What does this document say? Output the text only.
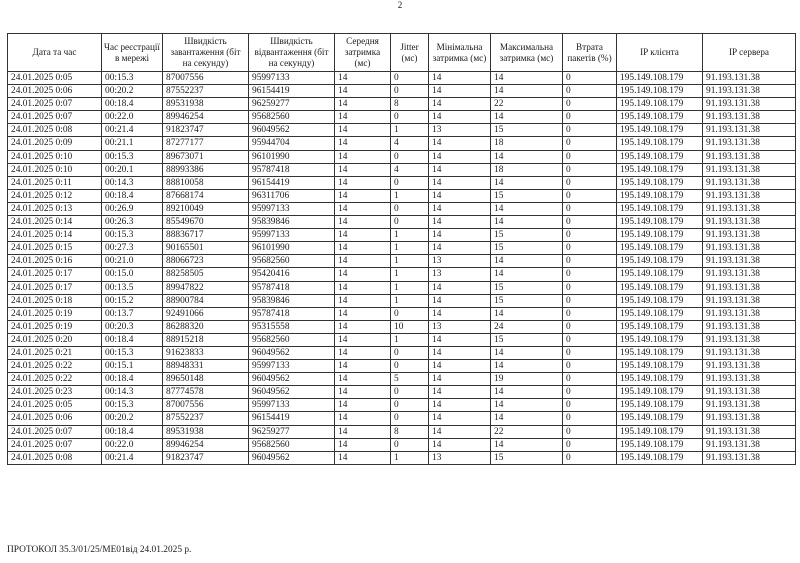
2
Дата та час	Час реєстрації в мережі	Швидкість завантаження (біт на секунду)	Швидкість відвантаження (біт на секунду)	Середня затримка (мс)	Jitter (мс)	Мінімальна затримка (мс)	Максимальна затримка (мс)	Втрата пакетів (%)	IP клієнта	IP сервера
24.01.2025 0:05	00:15.3	87007556	95997133	14	0	14	14	0	195.149.108.179	91.193.131.38
24.01.2025 0:06	00:20.2	87552237	96154419	14	0	14	14	0	195.149.108.179	91.193.131.38
24.01.2025 0:07	00:18.4	89531938	96259277	14	8	14	22	0	195.149.108.179	91.193.131.38
24.01.2025 0:07	00:22.0	89946254	95682560	14	0	14	14	0	195.149.108.179	91.193.131.38
24.01.2025 0:08	00:21.4	91823747	96049562	14	1	13	15	0	195.149.108.179	91.193.131.38
24.01.2025 0:09	00:21.1	87277177	95944704	14	4	14	18	0	195.149.108.179	91.193.131.38
24.01.2025 0:10	00:15.3	89673071	96101990	14	0	14	14	0	195.149.108.179	91.193.131.38
24.01.2025 0:10	00:20.1	88993386	95787418	14	4	14	18	0	195.149.108.179	91.193.131.38
24.01.2025 0:11	00:14.3	88810058	96154419	14	0	14	14	0	195.149.108.179	91.193.131.38
24.01.2025 0:12	00:18.4	87668174	96311706	14	1	14	15	0	195.149.108.179	91.193.131.38
24.01.2025 0:13	00:26.9	89210049	95997133	14	0	14	14	0	195.149.108.179	91.193.131.38
24.01.2025 0:14	00:26.3	85549670	95839846	14	0	14	14	0	195.149.108.179	91.193.131.38
24.01.2025 0:14	00:15.3	88836717	95997133	14	1	14	15	0	195.149.108.179	91.193.131.38
24.01.2025 0:15	00:27.3	90165501	96101990	14	1	14	15	0	195.149.108.179	91.193.131.38
24.01.2025 0:16	00:21.0	88066723	95682560	14	1	13	14	0	195.149.108.179	91.193.131.38
24.01.2025 0:17	00:15.0	88258505	95420416	14	1	13	14	0	195.149.108.179	91.193.131.38
24.01.2025 0:17	00:13.5	89947822	95787418	14	1	14	15	0	195.149.108.179	91.193.131.38
24.01.2025 0:18	00:15.2	88900784	95839846	14	1	14	15	0	195.149.108.179	91.193.131.38
24.01.2025 0:19	00:13.7	92491066	95787418	14	0	14	14	0	195.149.108.179	91.193.131.38
24.01.2025 0:19	00:20.3	86288320	95315558	14	10	13	24	0	195.149.108.179	91.193.131.38
24.01.2025 0:20	00:18.4	88915218	95682560	14	1	14	15	0	195.149.108.179	91.193.131.38
24.01.2025 0:21	00:15.3	91623833	96049562	14	0	14	14	0	195.149.108.179	91.193.131.38
24.01.2025 0:22	00:15.1	88948331	95997133	14	0	14	14	0	195.149.108.179	91.193.131.38
24.01.2025 0:22	00:18.4	89650148	96049562	14	5	14	19	0	195.149.108.179	91.193.131.38
24.01.2025 0:23	00:14.3	87774578	96049562	14	0	14	14	0	195.149.108.179	91.193.131.38
24.01.2025 0:05	00:15.3	87007556	95997133	14	0	14	14	0	195.149.108.179	91.193.131.38
24.01.2025 0:06	00:20.2	87552237	96154419	14	0	14	14	0	195.149.108.179	91.193.131.38
24.01.2025 0:07	00:18.4	89531938	96259277	14	8	14	22	0	195.149.108.179	91.193.131.38
24.01.2025 0:07	00:22.0	89946254	95682560	14	0	14	14	0	195.149.108.179	91.193.131.38
24.01.2025 0:08	00:21.4	91823747	96049562	14	1	13	15	0	195.149.108.179	91.193.131.38
ПРОТОКОЛ 35.3/01/25/МЕ01від 24.01.2025 р.
